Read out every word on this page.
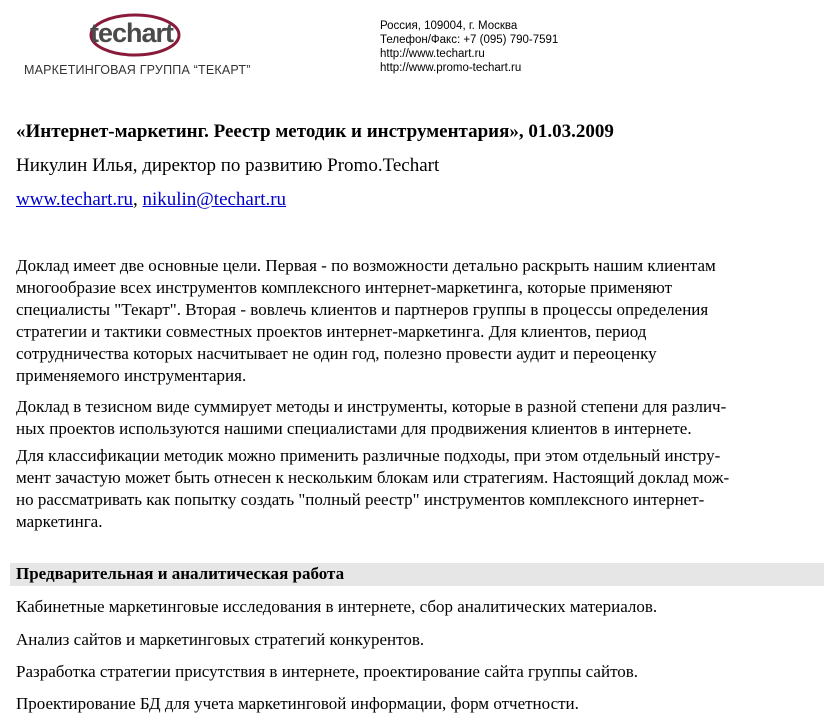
techart
МАРКЕТИНГОВАЯ ГРУППА “ТЕКАРТ”
Россия, 109004, г. Москва
Телефон/Факс: +7 (095) 790-7591
http://www.techart.ru
http://www.promo-techart.ru
«Интернет-маркетинг. Реестр методик и инструментария», 01.03.2009
Никулин Илья, директор по развитию Promo.Techart
www.techart.ru, nikulin@techart.ru
Доклад имеет две основные цели. Первая - по возможности детально раскрыть нашим клиентам
многообразие всех инструментов комплексного интернет-маркетинга, которые применяют
специалисты "Текарт". Вторая - вовлечь клиентов и партнеров группы в процессы определения
стратегии и тактики совместных проектов интернет-маркетинга. Для клиентов, период
сотрудничества которых насчитывает не один год, полезно провести аудит и переоценку
применяемого инструментария.
Доклад в тезисном виде суммирует методы и инструменты, которые в разной степени для различ-
ных проектов используются нашими специалистами для продвижения клиентов в интернете.
Для классификации методик можно применить различные подходы, при этом отдельный инстру-
мент зачастую может быть отнесен к нескольким блокам или стратегиям. Настоящий доклад мож-
но рассматривать как попытку создать "полный реестр" инструментов комплексного интернет-
маркетинга.
Предварительная и аналитическая работа
Кабинетные маркетинговые исследования в интернете, сбор аналитических материалов.
Анализ сайтов и маркетинговых стратегий конкурентов.
Разработка стратегии присутствия в интернете, проектирование сайта группы сайтов.
Проектирование БД для учета маркетинговой информации, форм отчетности.
